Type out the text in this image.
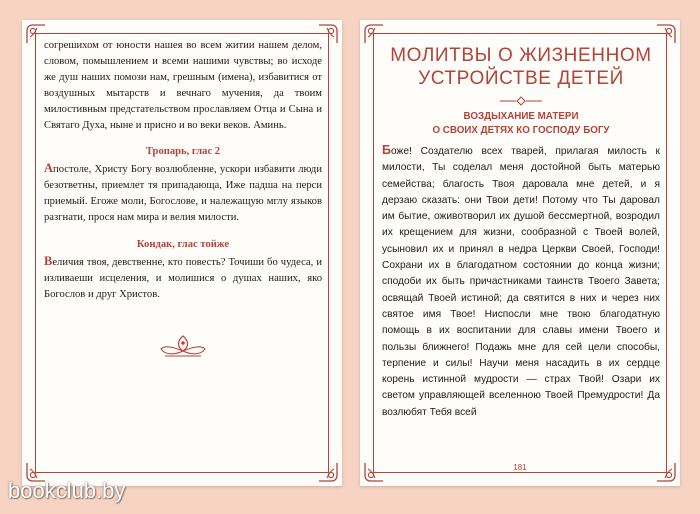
согрешихом от юности нашея во всем житии нашем делом, словом, помышлением и всеми нашими чувствы; во исходе же душ наших помози нам, грешным (имена), избавитися от воздушных мытарств и вечнаго мучения, да твоим милостивным предстательством прославляем Отца и Сына и Святаго Духа, ныне и присно и во веки веков. Аминь.

Тропарь, глас 2

Апостоле, Христу Богу возлюбленне, ускори избавити люди безответны, приемлет тя припадающа, Иже падша на перси приемый. Егоже моли, Богослове, и належащую мглу языков разгнати, прося нам мира и велия милости.

Кондак, глас тойже

Величия твоя, девственне, кто повесть? Точиши бо чудеса, и изливаеши исцеления, и молишися о душах наших, яко Богослов и друг Христов.

МОЛИТВЫ О ЖИЗНЕННОМ УСТРОЙСТВЕ ДЕТЕЙ
ВОЗДЫХАНИЕ МАТЕРИ
О СВОИХ ДЕТЯХ КО ГОСПОДУ БОГУ

Боже! Создателю всех тварей, прилагая милость к милости, Ты соделал меня достойной быть матерью семейства; благость Твоя даровала мне детей, и я дерзаю сказать: они Твои дети! Потому что Ты даровал им бытие, оживотворил их душой бессмертной, возродил их крещением для жизни, сообразной с Твоей волей, усыновил их и принял в недра Церкви Своей, Господи! Сохрани их в благодатном состоянии до конца жизни; сподоби их быть причастниками таинств Твоего Завета; освящай Твоей истиной; да святится в них и через них святое имя Твое! Ниспосли мне твою благодатную помощь в их воспитании для славы имени Твоего и пользы ближнего! Подажь мне для сей цели способы, терпение и силы! Научи меня насадить в их сердце корень истинной мудрости — страх Твой! Озари их светом управляющей вселенною Твоей Премудрости! Да возлюбят Тебя всей

181
bookclub.by
